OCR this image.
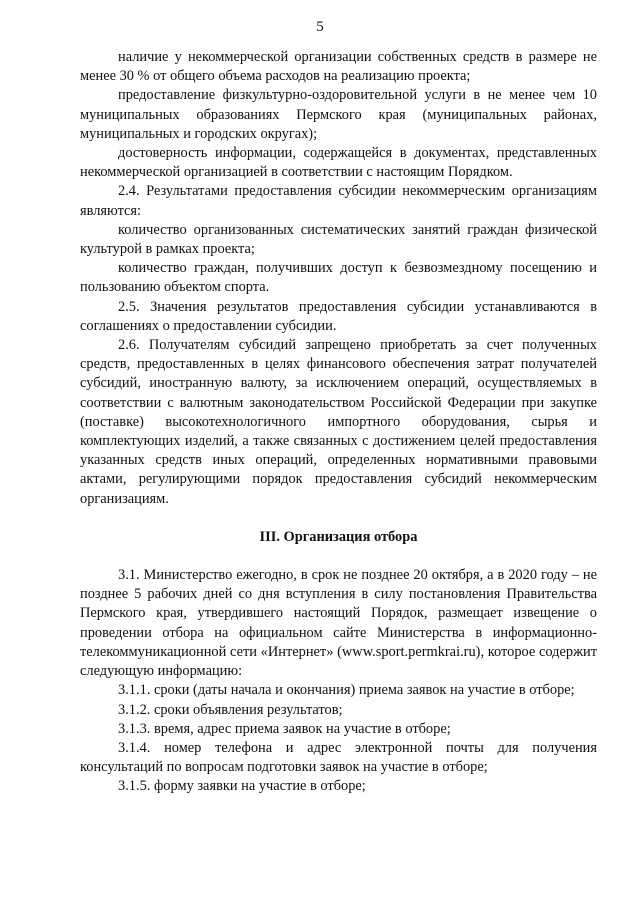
5

наличие у некоммерческой организации собственных средств в размере не менее 30 % от общего объема расходов на реализацию проекта;

предоставление физкультурно-оздоровительной услуги в не менее чем 10 муниципальных образованиях Пермского края (муниципальных районах, муниципальных и городских округах);

достоверность информации, содержащейся в документах, представленных некоммерческой организацией в соответствии с настоящим Порядком.

2.4. Результатами предоставления субсидии некоммерческим организациям являются:

количество организованных систематических занятий граждан физической культурой в рамках проекта;

количество граждан, получивших доступ к безвозмездному посещению и пользованию объектом спорта.

2.5. Значения результатов предоставления субсидии устанавливаются в соглашениях о предоставлении субсидии.

2.6. Получателям субсидий запрещено приобретать за счет полученных средств, предоставленных в целях финансового обеспечения затрат получателей субсидий, иностранную валюту, за исключением операций, осуществляемых в соответствии с валютным законодательством Российской Федерации при закупке (поставке) высокотехнологичного импортного оборудования, сырья и комплектующих изделий, а также связанных с достижением целей предоставления указанных средств иных операций, определенных нормативными правовыми актами, регулирующими порядок предоставления субсидий некоммерческим организациям.

III. Организация отбора

3.1. Министерство ежегодно, в срок не позднее 20 октября, а в 2020 году – не позднее 5 рабочих дней со дня вступления в силу постановления Правительства Пермского края, утвердившего настоящий Порядок, размещает извещение о проведении отбора на официальном сайте Министерства в информационно-телекоммуникационной сети «Интернет» (www.sport.permkrai.ru), которое содержит следующую информацию:

3.1.1. сроки (даты начала и окончания) приема заявок на участие в отборе;

3.1.2. сроки объявления результатов;

3.1.3. время, адрес приема заявок на участие в отборе;

3.1.4. номер телефона и адрес электронной почты для получения консультаций по вопросам подготовки заявок на участие в отборе;

3.1.5. форму заявки на участие в отборе;
